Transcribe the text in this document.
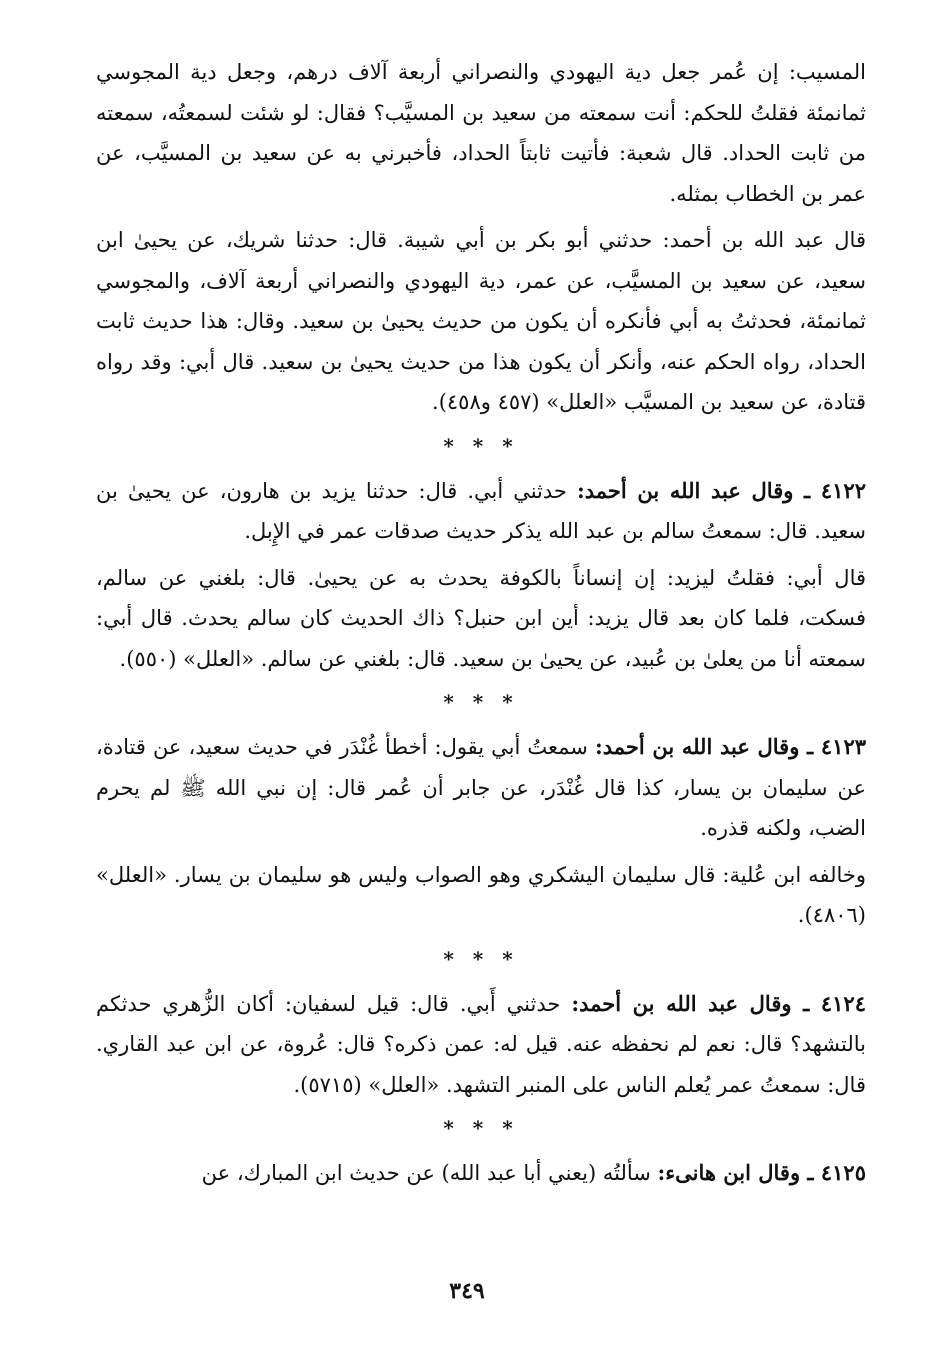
المسيب: إن عُمر جعل دية اليهودي والنصراني أربعة آلاف درهم، وجعل دية المجوسي ثمانمئة فقلتُ للحكم: أنت سمعته من سعيد بن المسيَّب؟ فقال: لو شئت لسمعتُه، سمعته من ثابت الحداد. قال شعبة: فأتيت ثابتاً الحداد، فأخبرني به عن سعيد بن المسيَّب، عن عمر بن الخطاب بمثله.

قال عبد الله بن أحمد: حدثني أبو بكر بن أبي شيبة. قال: حدثنا شريك، عن يحيىٰ ابن سعيد، عن سعيد بن المسيَّب، عن عمر، دية اليهودي والنصراني أربعة آلاف، والمجوسي ثمانمئة، فحدثتُ به أبي فأنكره أن يكون من حديث يحيىٰ بن سعيد. وقال: هذا حديث ثابت الحداد، رواه الحكم عنه، وأنكر أن يكون هذا من حديث يحيىٰ بن سعيد. قال أبي: وقد رواه قتادة، عن سعيد بن المسيَّب «العلل» (٤٥٧ و٤٥٨).

* * *

٤١٢٢ ـ وقال عبد الله بن أحمد: حدثني أبي. قال: حدثنا يزيد بن هارون، عن يحيىٰ بن سعيد. قال: سمعتُ سالم بن عبد الله يذكر حديث صدقات عمر في الإِبل.

قال أبي: فقلتُ ليزيد: إن إنساناً بالكوفة يحدث به عن يحيىٰ. قال: بلغني عن سالم، فسكت، فلما كان بعد قال يزيد: أين ابن حنبل؟ ذاك الحديث كان سالم يحدث. قال أبي: سمعته أنا من يعلىٰ بن عُبيد، عن يحيىٰ بن سعيد. قال: بلغني عن سالم. «العلل» (٥٥٠).

* * *

٤١٢٣ ـ وقال عبد الله بن أحمد: سمعتُ أبي يقول: أخطأ غُنْدَر في حديث سعيد، عن قتادة، عن سليمان بن يسار، كذا قال غُنْدَر، عن جابر أن عُمر قال: إن نبي الله ﷺ لم يحرم الضب، ولكنه قذره.

وخالفه ابن عُلية: قال سليمان اليشكري وهو الصواب وليس هو سليمان بن يسار. «العلل» (٤٨٠٦).

* * *

٤١٢٤ ـ وقال عبد الله بن أحمد: حدثني أَبي. قال: قيل لسفيان: أكان الزُّهري حدثكم بالتشهد؟ قال: نعم لم نحفظه عنه. قيل له: عمن ذكره؟ قال: عُروة، عن ابن عبد القاري. قال: سمعتُ عمر يُعلم الناس على المنبر التشهد. «العلل» (٥٧١٥).

* * *

٤١٢٥ ـ وقال ابن هانىء: سألتُه (يعني أبا عبد الله) عن حديث ابن المبارك، عن

٣٤٩
